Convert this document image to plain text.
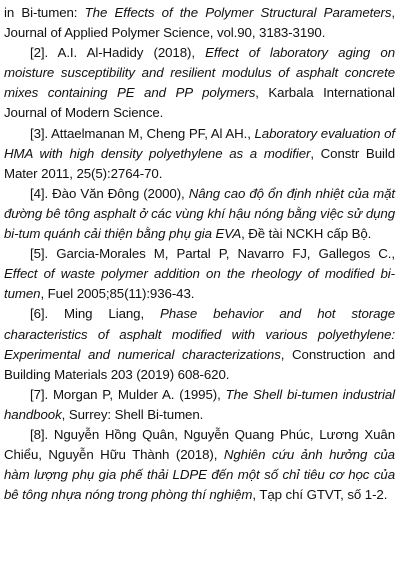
in Bi-tumen: The Effects of the Polymer Structural Parameters, Journal of Applied Polymer Science, vol.90, 3183-3190.

[2]. A.I. Al-Hadidy (2018), Effect of laboratory aging on moisture susceptibility and resilient modulus of asphalt concrete mixes containing PE and PP polymers, Karbala International Journal of Modern Science.

[3]. Attaelmanan M, Cheng PF, Al AH., Laboratory evaluation of HMA with high density polyethylene as a modifier, Constr Build Mater 2011, 25(5):2764-70.

[4]. Đào Văn Đông (2000), Nâng cao độ ổn định nhiệt của mặt đường bê tông asphalt ở các vùng khí hậu nóng bằng việc sử dụng bi-tum quánh cải thiện bằng phụ gia EVA, Đề tài NCKH cấp Bộ.

[5]. Garcia-Morales M, Partal P, Navarro FJ, Gallegos C., Effect of waste polymer addition on the rheology of modified bi-tumen, Fuel 2005;85(11):936-43.

[6]. Ming Liang, Phase behavior and hot storage characteristics of asphalt modified with various polyethylene: Experimental and numerical characterizations, Construction and Building Materials 203 (2019) 608-620.

[7]. Morgan P, Mulder A. (1995), The Shell bi-tumen industrial handbook, Surrey: Shell Bi-tumen.

[8]. Nguyễn Hồng Quân, Nguyễn Quang Phúc, Lương Xuân Chiểu, Nguyễn Hữu Thành (2018), Nghiên cứu ảnh hưởng của hàm lượng phụ gia phế thải LDPE đến một số chỉ tiêu cơ học của bê tông nhựa nóng trong phòng thí nghiệm, Tạp chí GTVT, số 1-2.
